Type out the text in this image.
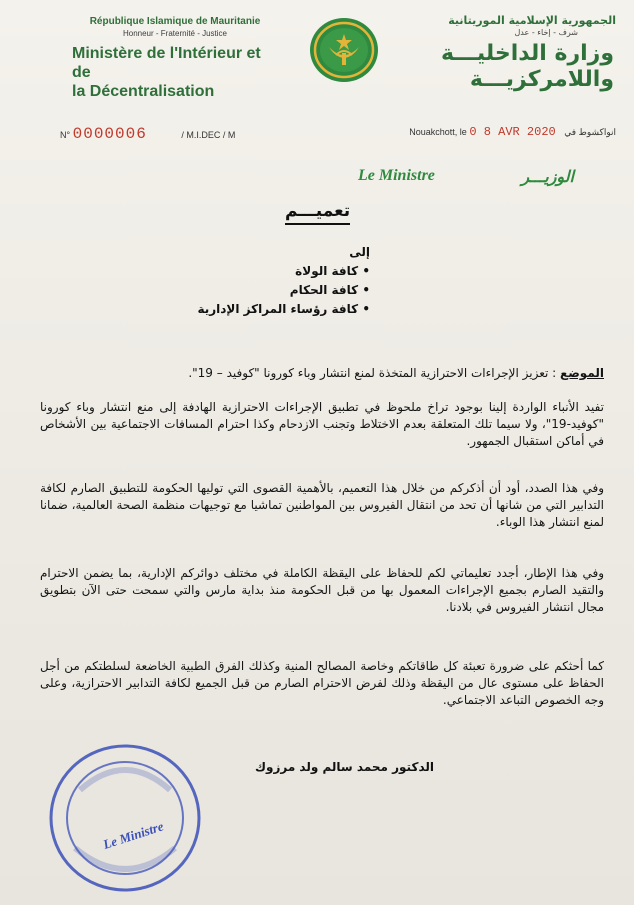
République Islamique de Mauritanie
Honneur - Fraternité - Justice
Ministère de l'Intérieur et de
la Décentralisation
الجمهورية الإسلامية الموريتانية
شرف - إخاء - عدل
وزارة الداخليـــة
واللامركزيـــة
N° 0000006	/ M.I.DEC / M	Nouakchott, le 0 8 AVR 2020 انواكشوط في
Le Ministre	الوزيـــر
تعميـــم
إلى
• كافة الولاة
• كافة الحكام
• كافة رؤساء المراكز الإدارية
الموضع : تعزيز الإجراءات الاحترازية المتخذة لمنع انتشار وباء كورونا "كوفيد – 19".
تفيد الأنباء الواردة إلينا بوجود تراخ ملحوظ في تطبيق الإجراءات الاحترازية الهادفة إلى منع انتشار وباء كورونا "كوفيد-19"، ولا سيما تلك المتعلقة بعدم الاختلاط وتجنب الازدحام وكذا احترام المسافات الاجتماعية بين الأشخاص في أماكن استقبال الجمهور.
وفي هذا الصدد، أود أن أذكركم من خلال هذا التعميم، بالأهمية القصوى التي توليها الحكومة للتطبيق الصارم لكافة التدابير التي من شانها أن تحد من انتقال الفيروس بين المواطنين تماشيا مع توجيهات منظمة الصحة العالمية، ضمانا لمنع انتشار هذا الوباء.
وفي هذا الإطار، أجدد تعليماتي لكم للحفاظ على اليقظة الكاملة في مختلف دوائركم الإدارية، بما يضمن الاحترام والتقيد الصارم بجميع الإجراءات المعمول بها من قبل الحكومة منذ بداية مارس والتي سمحت حتى الآن بتطويق مجال انتشار الفيروس في بلادنا.
كما أحثكم على ضرورة تعبئة كل طاقاتكم وخاصة المصالح المنية وكذلك الفرق الطبية الخاضعة لسلطتكم من أجل الحفاظ على مستوى عال من اليقظة وذلك لفرض الاحترام الصارم من قبل الجميع لكافة التدابير الاحترازية، وعلى وجه الخصوص التباعد الاجتماعي.
Le Ministre
الدكتور محمد سالم ولد مرزوك
